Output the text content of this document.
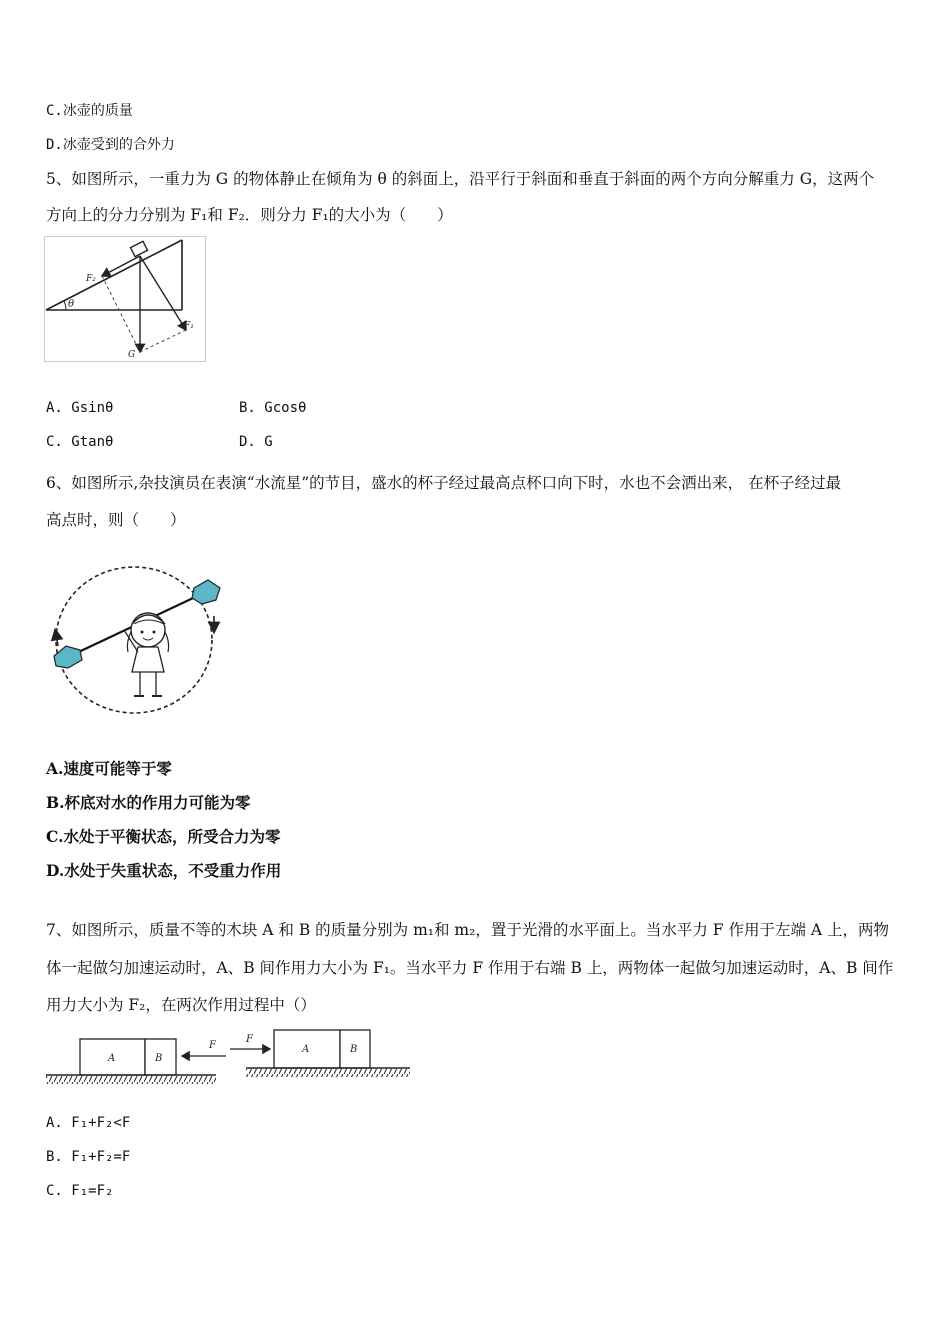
C.冰壶的质量
D.冰壶受到的合外力
5、如图所示，一重力为 G 的物体静止在倾角为 θ 的斜面上，沿平行于斜面和垂直于斜面的两个方向分解重力 G，这两个
方向上的分力分别为 F₁和 F₂．则分力 F₁的大小为（　　）
θ
F₂
F₁
G
A. Gsinθ	B. Gcosθ
C. Gtanθ	D. G
6、如图所示,杂技演员在表演“水流星”的节目，盛水的杯子经过最高点杯口向下时，水也不会洒出来， 在杯子经过最
高点时，则（　　）
A.速度可能等于零
B.杯底对水的作用力可能为零
C.水处于平衡状态，所受合力为零
D.水处于失重状态，不受重力作用
7、如图所示，质量不等的木块 A 和 B 的质量分别为 m₁和 m₂，置于光滑的水平面上。当水平力 F 作用于左端 A 上，两物
体一起做匀加速运动时，A、B 间作用力大小为 F₁。当水平力 F 作用于右端 B 上，两物体一起做匀加速运动时，A、B 间作
用力大小为 F₂，在两次作用过程中（）
A	B
F	A	B
F
A. F₁+F₂<F
B. F₁+F₂=F
C. F₁=F₂
